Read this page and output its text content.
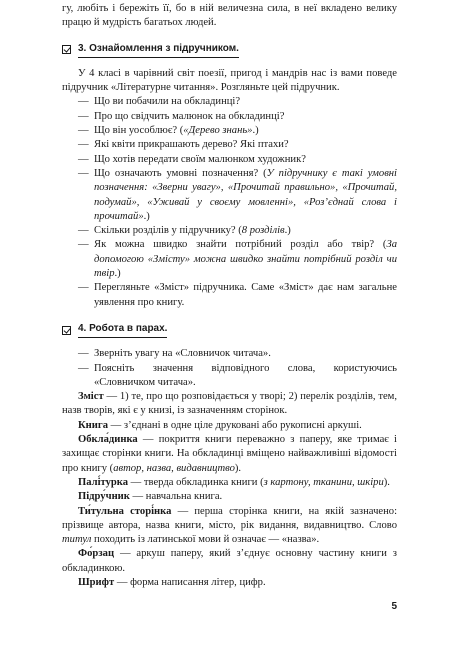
гу, любіть і бережіть її, бо в ній величезна сила, в неї вкладено велику працю й мудрість багатьох людей.

3. Ознайомлення з підручником.

У 4 класі в чарівний світ поезії, пригод і мандрів нас із вами поведе підручник «Літературне читання». Розгляньте цей підручник.

— Що ви побачили на обкладинці?

— Про що свідчить малюнок на обкладинці?

— Що він уособлює? («Дерево знань».)

— Які квіти прикрашають дерево? Які птахи?

— Що хотів передати своїм малюнком художник?

— Що означають умовні позначення? (У підручнику є такі умовні позначення: «Зверни увагу», «Прочитай правильно», «Прочитай, подумай», «Уживай у своєму мовленні», «Роз’єднай слова і прочитай».)

— Скільки розділів у підручнику? (8 розділів.)

— Як можна швидко знайти потрібний розділ або твір? (За допомогою «Змісту» можна швидко знайти потрібний розділ чи твір.)

— Перегляньте «Зміст» підручника. Саме «Зміст» дає нам загальне уявлення про книгу.

4. Робота в парах.

— Зверніть увагу на «Словничок читача».

— Поясніть значення відповідного слова, користуючись «Словничком читача».

Зміст — 1) те, про що розповідається у творі; 2) перелік розділів, тем, назв творів, які є у книзі, із зазначенням сторінок.

Книга — з’єднані в одне ціле друковані або рукописні аркуші.

Обкла́динка — покриття книги переважно з паперу, яке тримає і захищає сторінки книги. На обкладинці вміщено найважливіші відомості про книгу (автор, назва, видавництво).

Палі́турка — тверда обкладинка книги (з картону, тканини, шкіри).

Підру́чник — навчальна книга.

Ти́тульна сторі́нка — перша сторінка книги, на якій зазначено: прізвище автора, назва книги, місто, рік видання, видавництво. Слово титул походить із латинської мови й означає — «назва».

Фо́рзац — аркуш паперу, який з’єднує основну частину книги з обкладинкою.

Шрифт — форма написання літер, цифр.

5
